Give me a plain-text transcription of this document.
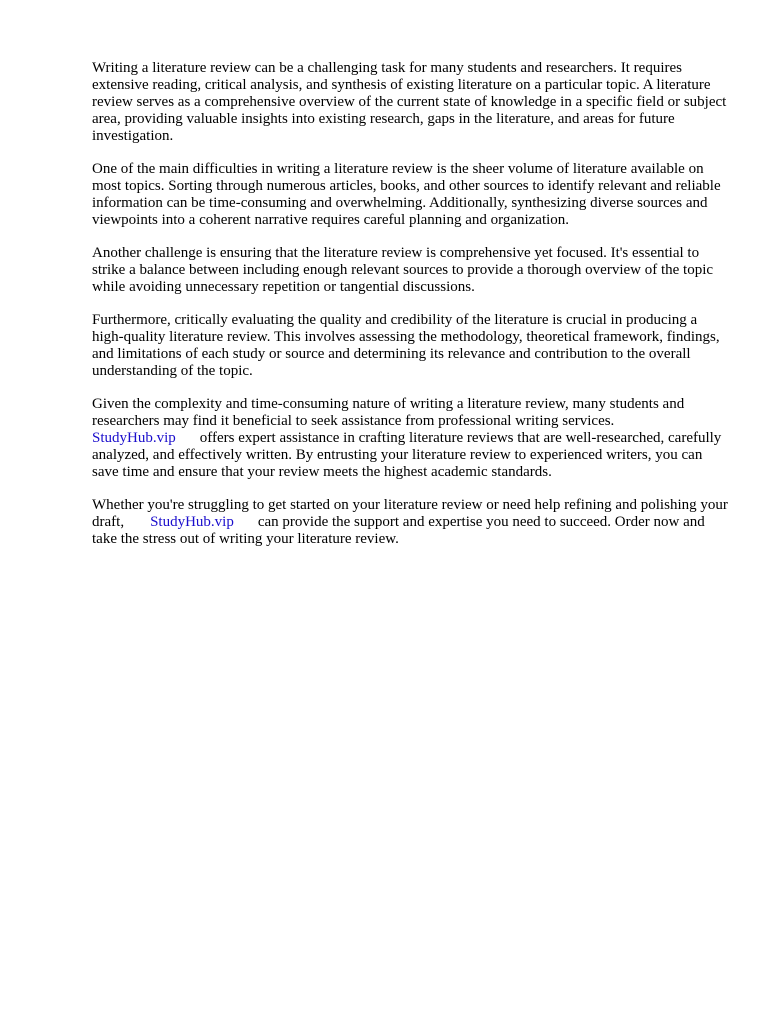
Writing a literature review can be a challenging task for many students and researchers. It requires extensive reading, critical analysis, and synthesis of existing literature on a particular topic. A literature review serves as a comprehensive overview of the current state of knowledge in a specific field or subject area, providing valuable insights into existing research, gaps in the literature, and areas for future investigation.

One of the main difficulties in writing a literature review is the sheer volume of literature available on most topics. Sorting through numerous articles, books, and other sources to identify relevant and reliable information can be time-consuming and overwhelming. Additionally, synthesizing diverse sources and viewpoints into a coherent narrative requires careful planning and organization.

Another challenge is ensuring that the literature review is comprehensive yet focused. It's essential to strike a balance between including enough relevant sources to provide a thorough overview of the topic while avoiding unnecessary repetition or tangential discussions.

Furthermore, critically evaluating the quality and credibility of the literature is crucial in producing a high-quality literature review. This involves assessing the methodology, theoretical framework, findings, and limitations of each study or source and determining its relevance and contribution to the overall understanding of the topic.

Given the complexity and time-consuming nature of writing a literature review, many students and researchers may find it beneficial to seek assistance from professional writing services.
StudyHub.vip offers expert assistance in crafting literature reviews that are well-researched, carefully analyzed, and effectively written. By entrusting your literature review to experienced writers, you can save time and ensure that your review meets the highest academic standards.

Whether you're struggling to get started on your literature review or need help refining and polishing your draft, StudyHub.vip can provide the support and expertise you need to succeed. Order now and take the stress out of writing your literature review.
